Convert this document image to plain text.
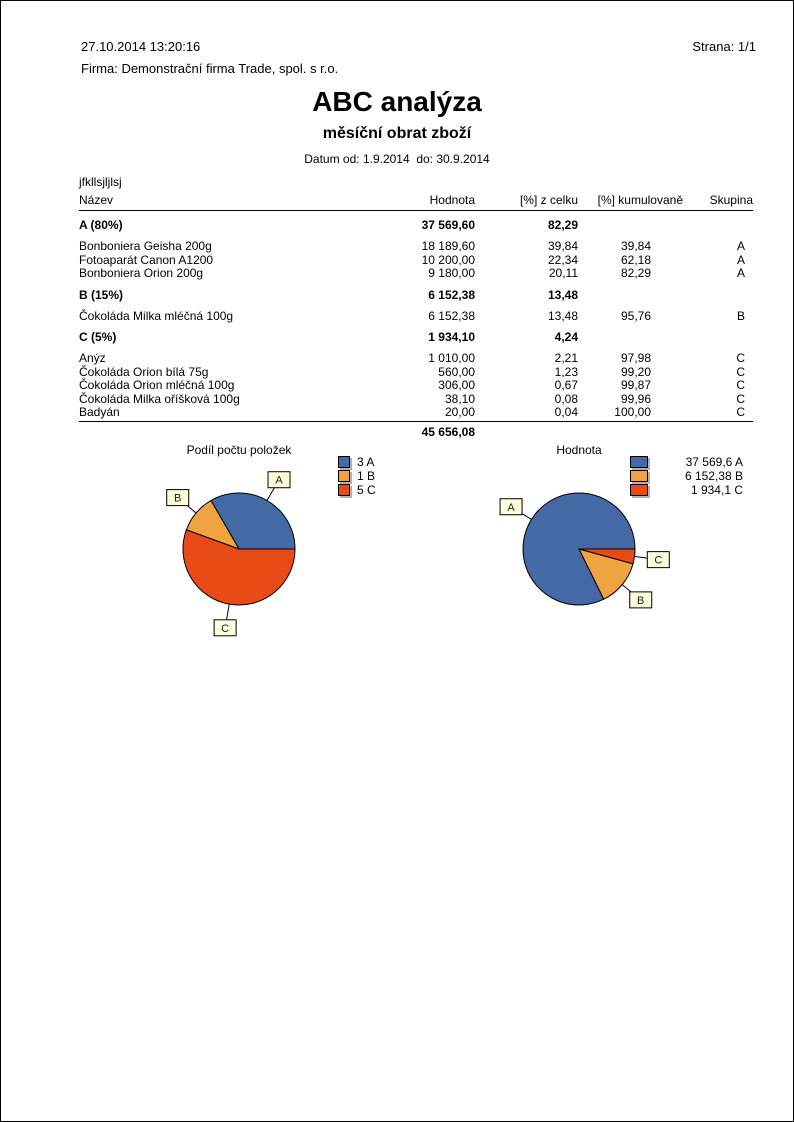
27.10.2014 13:20:16	Strana: 1/1
Firma: Demonstrační firma Trade, spol. s r.o.
ABC analýza
měsíční obrat zboží
Datum od: 1.9.2014  do: 30.9.2014
jfkllsjljlsj
Název	Hodnota	[%] z celku	[%] kumulovaně	Skupina
A (80%)	37 569,60	82,29
Bonboniera Geisha 200g	18 189,60	39,84	39,84	A
Fotoaparát Canon A1200	10 200,00	22,34	62,18	A
Bonboniera Orion 200g	9 180,00	20,11	82,29	A
B (15%)	6 152,38	13,48
Čokoláda Milka mléčná 100g	6 152,38	13,48	95,76	B
C (5%)	1 934,10	4,24
Anýz	1 010,00	2,21	97,98	C
Čokoláda Orion bílá 75g	560,00	1,23	99,20	C
Čokoláda Orion mléčná 100g	306,00	0,67	99,87	C
Čokoláda Milka oříšková 100g	38,10	0,08	99,96	C
Badyán	20,00	0,04	100,00	C
45 656,08
Podíl počtu položek
3 A
1 B
5 C
A
B
C
Hodnota
37 569,6 A
6 152,38 B
1 934,1 C
A
B
C
